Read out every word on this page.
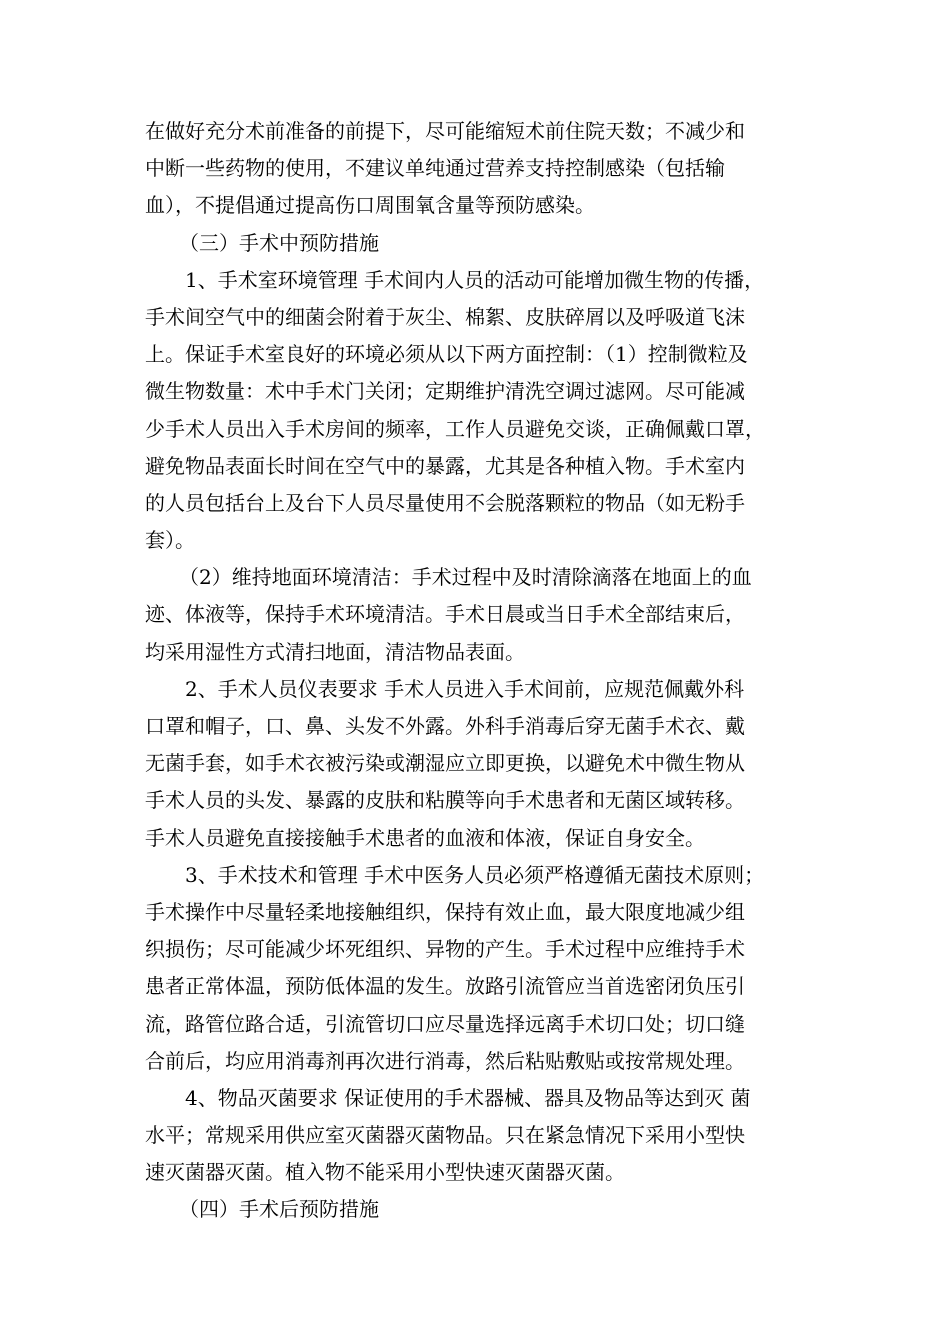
在做好充分术前准备的前提下，尽可能缩短术前住院天数；不减少和
中断一些药物的使用，不建议单纯通过营养支持控制感染（包括输
血），不提倡通过提高伤口周围氧含量等预防感染。
（三）手术中预防措施
1、手术室环境管理 手术间内人员的活动可能增加微生物的传播，
手术间空气中的细菌会附着于灰尘、棉絮、皮肤碎屑以及呼吸道飞沫
上。保证手术室良好的环境必须从以下两方面控制：（1）控制微粒及
微生物数量：术中手术门关闭；定期维护清洗空调过滤网。尽可能减
少手术人员出入手术房间的频率，工作人员避免交谈，正确佩戴口罩，
避免物品表面长时间在空气中的暴露，尤其是各种植入物。手术室内
的人员包括台上及台下人员尽量使用不会脱落颗粒的物品（如无粉手
套）。
（2）维持地面环境清洁：手术过程中及时清除滴落在地面上的血
迹、体液等，保持手术环境清洁。手术日晨或当日手术全部结束后，
均采用湿性方式清扫地面，清洁物品表面。
2、手术人员仪表要求 手术人员进入手术间前，应规范佩戴外科
口罩和帽子，口、鼻、头发不外露。外科手消毒后穿无菌手术衣、戴
无菌手套，如手术衣被污染或潮湿应立即更换，以避免术中微生物从
手术人员的头发、暴露的皮肤和粘膜等向手术患者和无菌区域转移。
手术人员避免直接接触手术患者的血液和体液，保证自身安全。
3、手术技术和管理 手术中医务人员必须严格遵循无菌技术原则；
手术操作中尽量轻柔地接触组织，保持有效止血，最大限度地减少组
织损伤；尽可能减少坏死组织、异物的产生。手术过程中应维持手术
患者正常体温，预防低体温的发生。放路引流管应当首选密闭负压引
流，路管位路合适，引流管切口应尽量选择远离手术切口处；切口缝
合前后，均应用消毒剂再次进行消毒，然后粘贴敷贴或按常规处理。
4、物品灭菌要求 保证使用的手术器械、器具及物品等达到灭 菌
水平；常规采用供应室灭菌器灭菌物品。只在紧急情况下采用小型快
速灭菌器灭菌。植入物不能采用小型快速灭菌器灭菌。
（四）手术后预防措施
